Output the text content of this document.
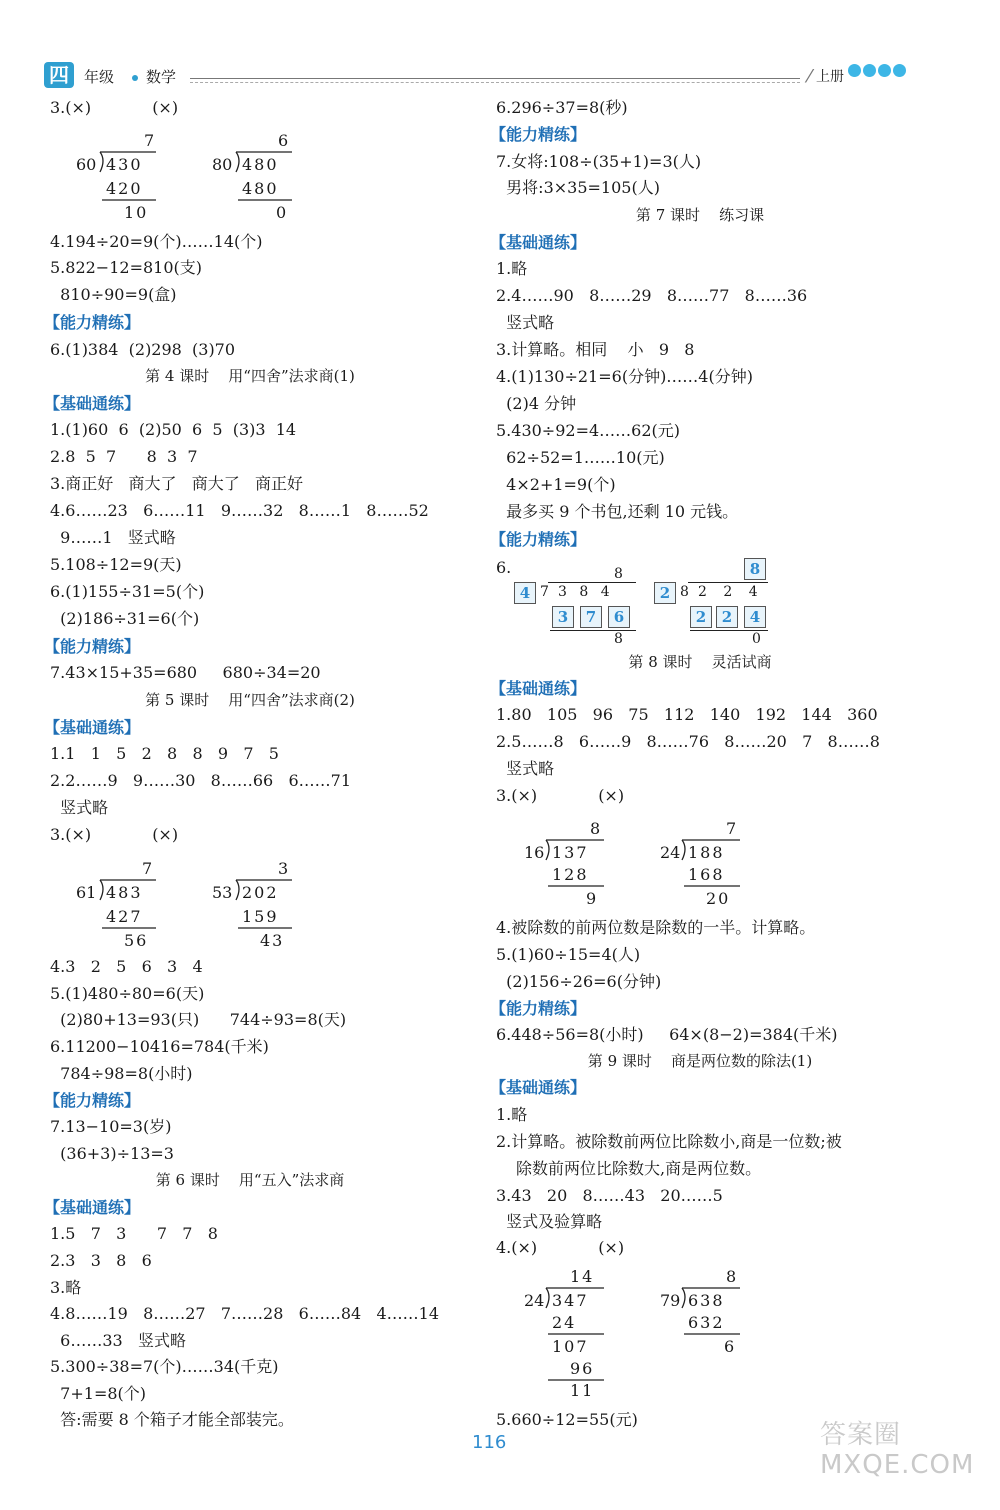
四	年级 数学	⁄ 上册
3.(×)            (×)
7
60 430
420
10
6
80 480
480
0
4.194÷20=9(个)……14(个)
5.822−12=810(支)
810÷90=9(盒)
【能力精练】
6.(1)384  (2)298  (3)70
第 4 课时    用“四舍”法求商(1)
【基础通练】
1.(1)60  6  (2)50  6  5  (3)3  14
2.8  5  7      8  3  7
3.商正好   商大了   商大了   商正好
4.6……23   6……11   9……32   8……1   8……52
9……1   竖式略
5.108÷12=9(天)
6.(1)155÷31=5(个)
(2)186÷31=6(个)
【能力精练】
7.43×15+35=680     680÷34=20
第 5 课时    用“四舍”法求商(2)
【基础通练】
1.1   1   5   2   8   8   9   7   5
2.2……9   9……30   8……66   6……71
竖式略
3.(×)            (×)
7
61 483
427
56
3
53 202
159
43
4.3   2   5   6   3   4
5.(1)480÷80=6(天)
(2)80+13=93(只)      744÷93=8(天)
6.11200−10416=784(千米)
784÷98=8(小时)
【能力精练】
7.13−10=3(岁)
(36+3)÷13=3
第 6 课时    用“五入”法求商
【基础通练】
1.5   7   3      7   7   8
2.3   3   8   6
3.略
4.8……19   8……27   7……28   6……84   4……14
6……33   竖式略
5.300÷38=7(个)……34(千克)
7+1=8(个)
答:需要 8 个箱子才能全部装完。
6.296÷37=8(秒)
【能力精练】
7.女将:108÷(35+1)=3(人)
男将:3×35=105(人)
第 7 课时    练习课
【基础通练】
1.略
2.4……90   8……29   8……77   8……36
竖式略
3.计算略。相同    小   9   8
4.(1)130÷21=6(分钟)……4(分钟)
(2)4 分钟
5.430÷92=4……62(元)
62÷52=1……10(元)
4×2+1=9(个)
最多买 9 个书包,还剩 10 元钱。
【能力精练】
6.
4 7
8
3 8 4
3	7	6
8
2 8
8
2 2 4
2	2	4
0
第 8 课时    灵活试商
【基础通练】
1.80   105   96   75   112   140   192   144   360
2.5……8   6……9   8……76   8……20   7   8……8
竖式略
3.(×)            (×)
8
16 137
128
9
7
24 188
168
20
4.被除数的前两位数是除数的一半。计算略。
5.(1)60÷15=4(人)
(2)156÷26=6(分钟)
【能力精练】
6.448÷56=8(小时)     64×(8−2)=384(千米)
第 9 课时    商是两位数的除法(1)
【基础通练】
1.略
2.计算略。被除数前两位比除数小,商是一位数;被
除数前两位比除数大,商是两位数。
3.43   20   8……43   20……5
竖式及验算略
4.(×)            (×)
14
24 347
24
107
96
11
8
79 638
632
6
5.660÷12=55(元)
116	答案圈
MXQE.COM
